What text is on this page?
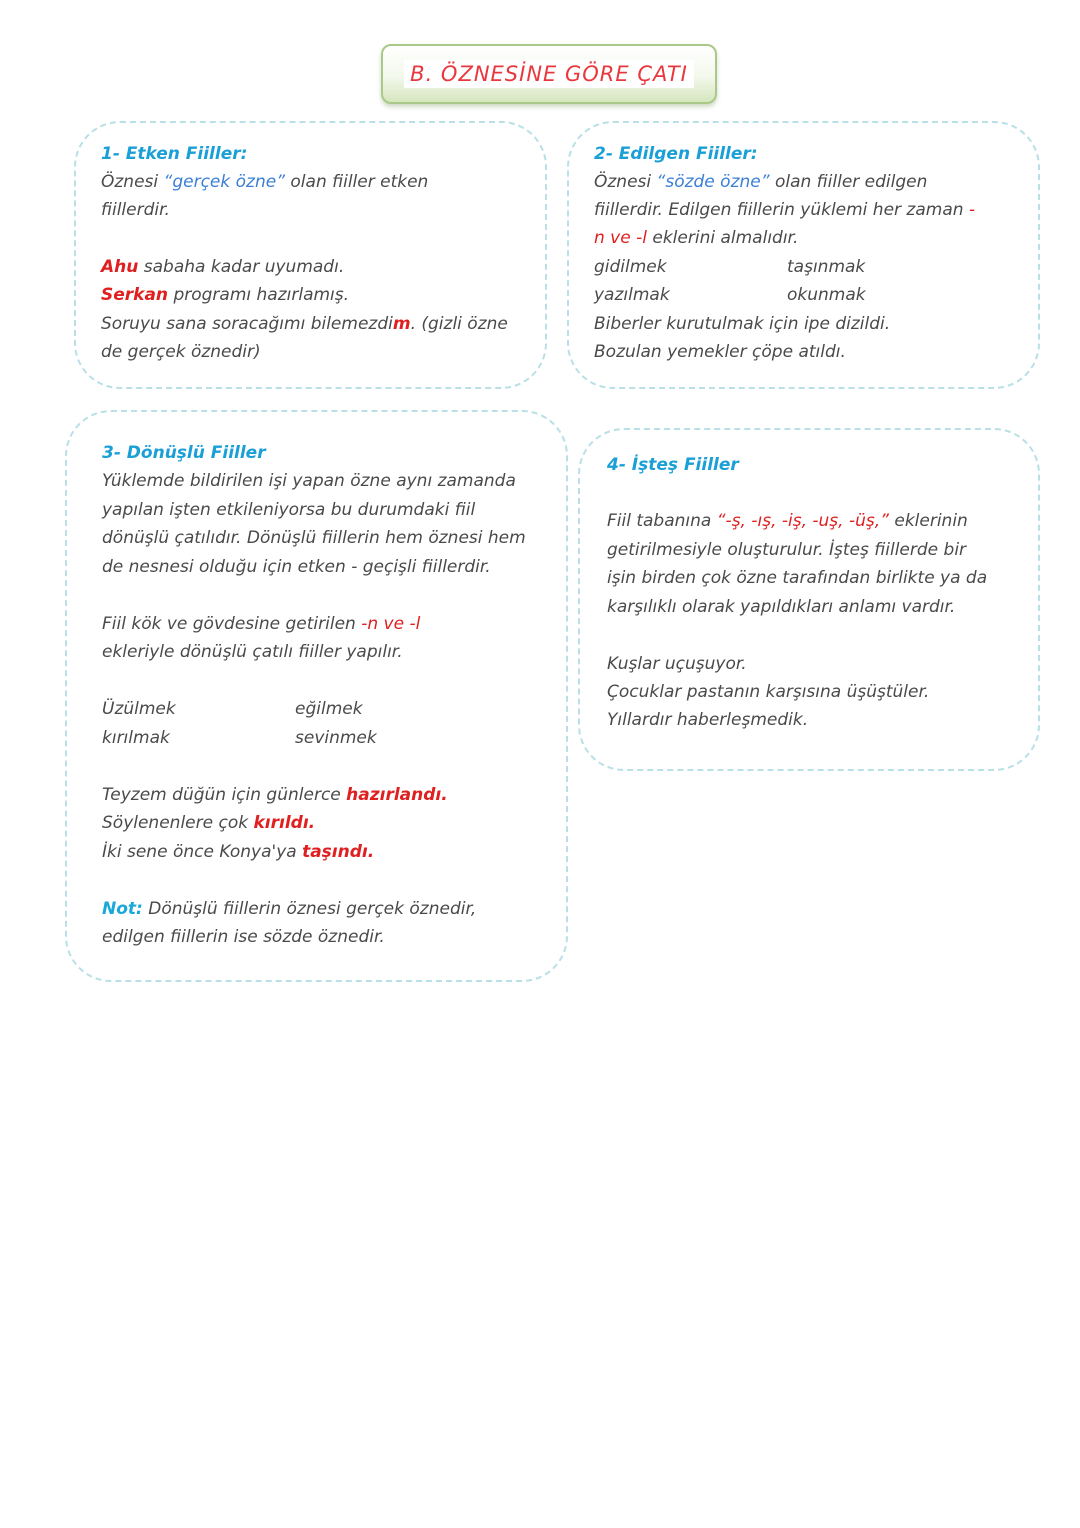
B. ÖZNESİNE GÖRE ÇATI
1- Etken Fiiller:
Öznesi “gerçek özne” olan fiiller etken
fiillerdir.
Ahu sabaha kadar uyumadı.
Serkan programı hazırlamış.
Soruyu sana soracağımı bilemezdim. (gizli özne
de gerçek öznedir)
2- Edilgen Fiiller:
Öznesi “sözde özne” olan fiiller edilgen
fiillerdir. Edilgen fiillerin yüklemi her zaman -
n ve -l eklerini almalıdır.
gidilmek	taşınmak
yazılmak	okunmak
Biberler kurutulmak için ipe dizildi.
Bozulan yemekler çöpe atıldı.
3- Dönüşlü Fiiller
Yüklemde bildirilen işi yapan özne aynı zamanda
yapılan işten etkileniyorsa bu durumdaki fiil
dönüşlü çatılıdır. Dönüşlü fiillerin hem öznesi hem
de nesnesi olduğu için etken - geçişli fiillerdir.
Fiil kök ve gövdesine getirilen -n ve -l
ekleriyle dönüşlü çatılı fiiller yapılır.
Üzülmek	eğilmek
kırılmak	sevinmek
Teyzem düğün için günlerce hazırlandı.
Söylenenlere çok kırıldı.
İki sene önce Konya'ya taşındı.
Not: Dönüşlü fiillerin öznesi gerçek öznedir,
edilgen fiillerin ise sözde öznedir.
4- İşteş Fiiller
Fiil tabanına “-ş, -ış, -iş, -uş, -üş,” eklerinin
getirilmesiyle oluşturulur. İşteş fiillerde bir
işin birden çok özne tarafından birlikte ya da
karşılıklı olarak yapıldıkları anlamı vardır.
Kuşlar uçuşuyor.
Çocuklar pastanın karşısına üşüştüler.
Yıllardır haberleşmedik.
